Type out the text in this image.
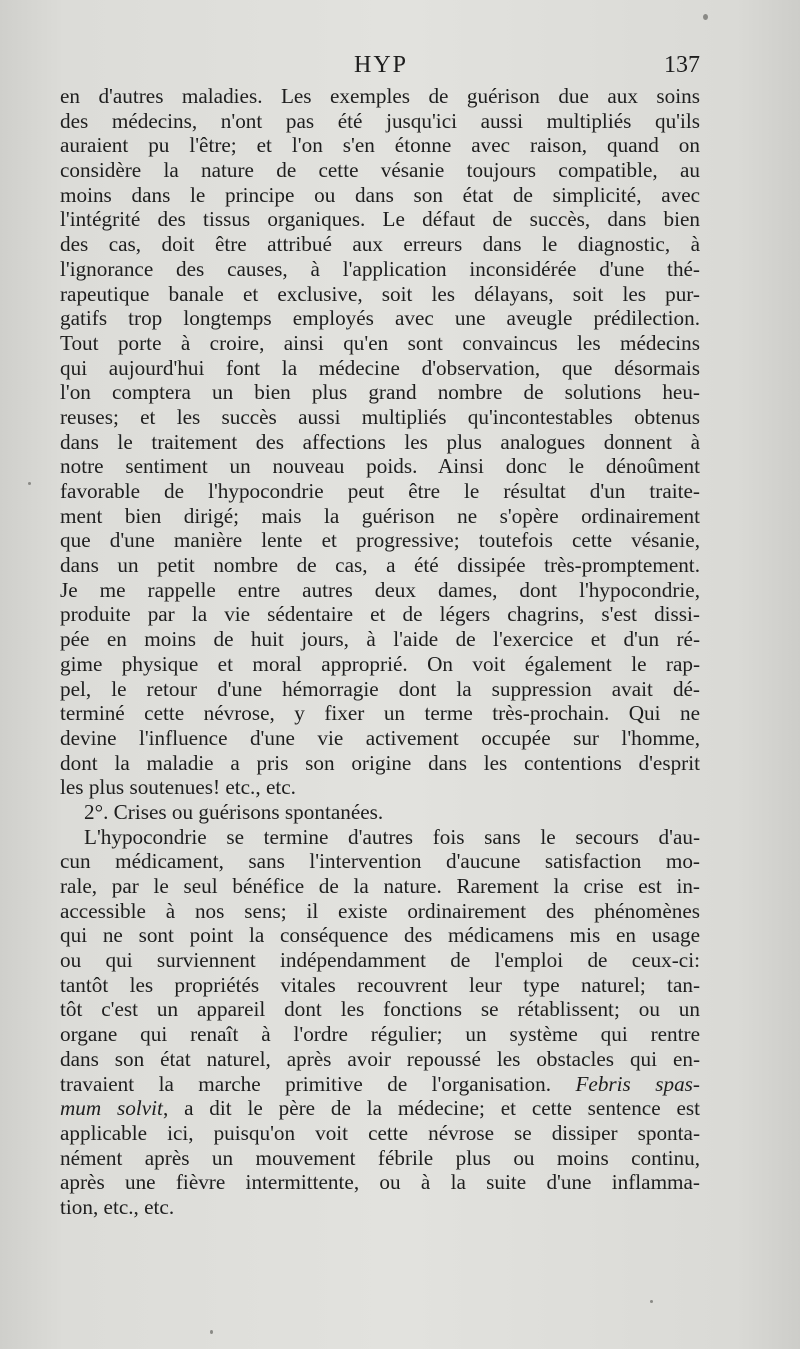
HYP	137
en d'autres maladies. Les exemples de guérison due aux soins
des médecins, n'ont pas été jusqu'ici aussi multipliés qu'ils
auraient pu l'être; et l'on s'en étonne avec raison, quand on
considère la nature de cette vésanie toujours compatible, au
moins dans le principe ou dans son état de simplicité, avec
l'intégrité des tissus organiques. Le défaut de succès, dans bien
des cas, doit être attribué aux erreurs dans le diagnostic, à
l'ignorance des causes, à l'application inconsidérée d'une thé-
rapeutique banale et exclusive, soit les délayans, soit les pur-
gatifs trop longtemps employés avec une aveugle prédilection.
Tout porte à croire, ainsi qu'en sont convaincus les médecins
qui aujourd'hui font la médecine d'observation, que désormais
l'on comptera un bien plus grand nombre de solutions heu-
reuses; et les succès aussi multipliés qu'incontestables obtenus
dans le traitement des affections les plus analogues donnent à
notre sentiment un nouveau poids. Ainsi donc le dénoûment
favorable de l'hypocondrie peut être le résultat d'un traite-
ment bien dirigé; mais la guérison ne s'opère ordinairement
que d'une manière lente et progressive; toutefois cette vésanie,
dans un petit nombre de cas, a été dissipée très-promptement.
Je me rappelle entre autres deux dames, dont l'hypocondrie,
produite par la vie sédentaire et de légers chagrins, s'est dissi-
pée en moins de huit jours, à l'aide de l'exercice et d'un ré-
gime physique et moral approprié. On voit également le rap-
pel, le retour d'une hémorragie dont la suppression avait dé-
terminé cette névrose, y fixer un terme très-prochain. Qui ne
devine l'influence d'une vie activement occupée sur l'homme,
dont la maladie a pris son origine dans les contentions d'esprit
les plus soutenues! etc., etc.
2°. Crises ou guérisons spontanées.
L'hypocondrie se termine d'autres fois sans le secours d'au-
cun médicament, sans l'intervention d'aucune satisfaction mo-
rale, par le seul bénéfice de la nature. Rarement la crise est in-
accessible à nos sens; il existe ordinairement des phénomènes
qui ne sont point la conséquence des médicamens mis en usage
ou qui surviennent indépendamment de l'emploi de ceux-ci:
tantôt les propriétés vitales recouvrent leur type naturel; tan-
tôt c'est un appareil dont les fonctions se rétablissent; ou un
organe qui renaît à l'ordre régulier; un système qui rentre
dans son état naturel, après avoir repoussé les obstacles qui en-
travaient la marche primitive de l'organisation. Febris spas-
mum solvit, a dit le père de la médecine; et cette sentence est
applicable ici, puisqu'on voit cette névrose se dissiper sponta-
nément après un mouvement fébrile plus ou moins continu,
après une fièvre intermittente, ou à la suite d'une inflamma-
tion, etc., etc.
